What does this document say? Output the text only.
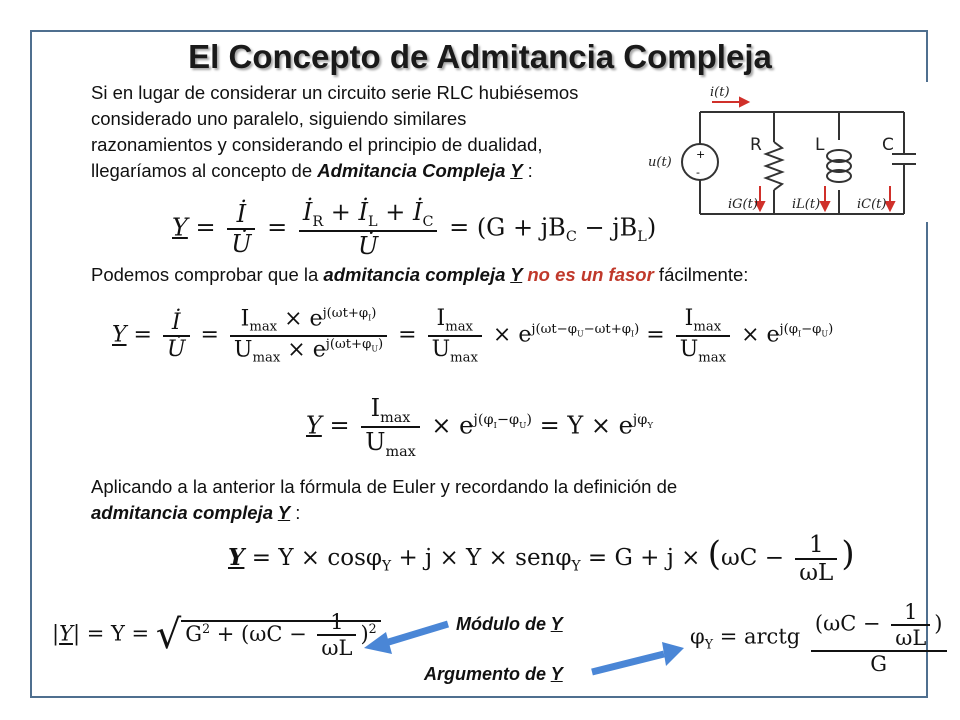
El Concepto de Admitancia Compleja
Si en lugar de considerar un circuito serie RLC hubiésemos
considerado uno paralelo, siguiendo similares
razonamientos y considerando el principio de dualidad,
llegaríamos al concepto de Admitancia Compleja Y :
+
-
i(t)
u(t)
iG(t)	iL(t)	iC(t)
R	L	C
$Y = \frac{İ}{U̇} = \frac{İ_R + İ_L + İ_C}{U̇} = (G + jB_C - jB_L)$
Podemos comprobar que la admitancia compleja Y no es un fasor fácilmente:
$Y = \frac{İ}{U̇} = \frac{I_{max} \times e^{j(\omega t+\varphi_I)}}{U_{max} \times e^{j(\omega t+\varphi_U)}} = \frac{I_{max}}{U_{max}} \times e^{j(\omega t-\varphi_U-\omega t+\varphi_I)} = \frac{I_{max}}{U_{max}} \times e^{j(\varphi_I-\varphi_U)}$
$Y = \frac{I_{max}}{U_{max}} \times e^{j(\varphi_I-\varphi_U)} = Y \times e^{j\varphi_Y}$
Aplicando a la anterior la fórmula de Euler y recordando la definición de
admitancia compleja Y :
$Y = Y \times \cos\varphi_Y + j \times Y \times sen\varphi_Y = G + j \times (\omega C - \frac{1}{\omega L}$ )
|Y| = Y = √ $G^2 + (\omega C - \frac{1}{\omega L} )^2$	$\varphi_Y$ = arctg $\frac{(\omega C - \frac{1}{\omega L} )}{G}$
Módulo de Y
Argumento de Y
